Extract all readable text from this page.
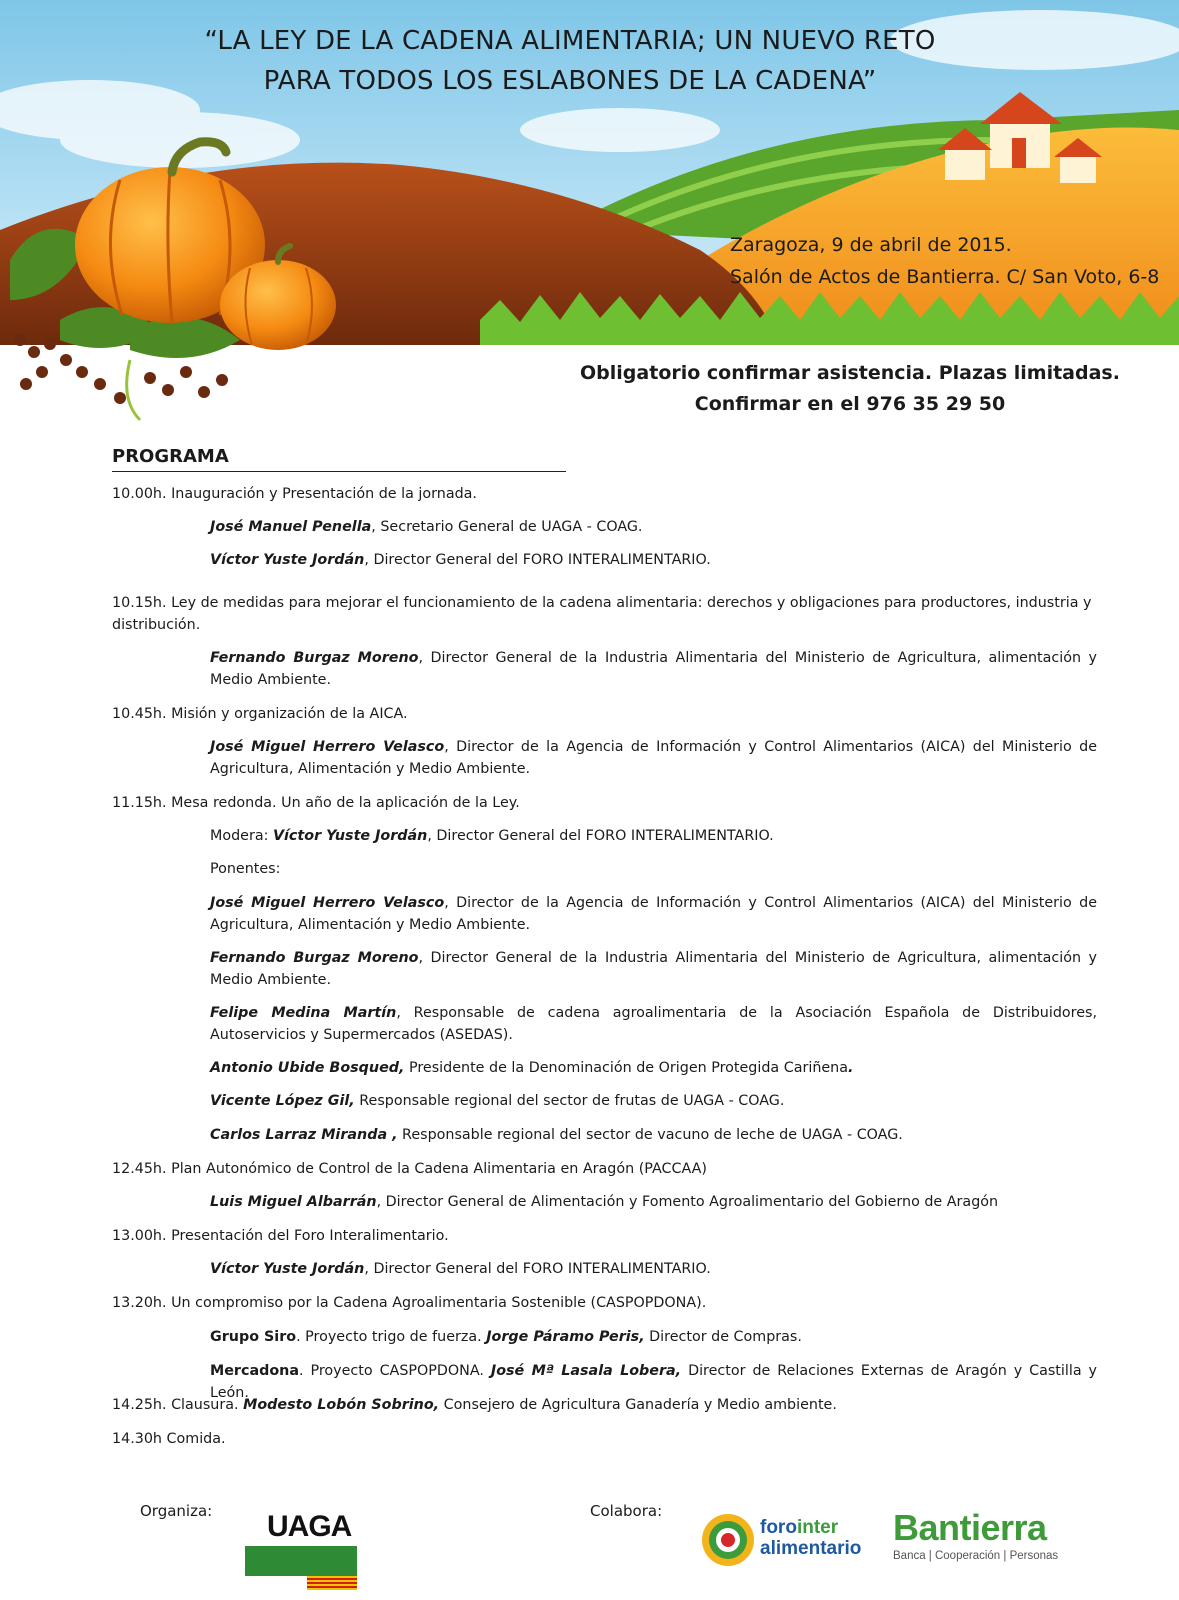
“LA LEY DE LA CADENA ALIMENTARIA; UN NUEVO RETO
PARA TODOS LOS ESLABONES DE LA CADENA”
Zaragoza, 9 de abril de 2015.
Salón de Actos de Bantierra. C/ San Voto, 6-8
Obligatorio confirmar asistencia. Plazas limitadas.
Confirmar en el 976 35 29 50
PROGRAMA

10.00h. Inauguración y Presentación de la jornada.

José Manuel Penella, Secretario General de UAGA - COAG.

Víctor Yuste Jordán, Director General del FORO INTERALIMENTARIO.

10.15h. Ley de medidas para mejorar el funcionamiento de la cadena alimentaria: derechos y obligaciones para productores, industria y distribución.

Fernando Burgaz Moreno, Director General de la Industria Alimentaria del Ministerio de Agricultura, alimentación y Medio Ambiente.

10.45h. Misión y organización de la AICA.

José Miguel Herrero Velasco, Director de la Agencia de Información y Control Alimentarios (AICA) del Ministerio de Agricultura, Alimentación y Medio Ambiente.

11.15h. Mesa redonda. Un año de la aplicación de la Ley.

Modera: Víctor Yuste Jordán, Director General del FORO INTERALIMENTARIO.

Ponentes:

José Miguel Herrero Velasco, Director de la Agencia de Información y Control Alimentarios (AICA) del Ministerio de Agricultura, Alimentación y Medio Ambiente.

Fernando Burgaz Moreno, Director General de la Industria Alimentaria del Ministerio de Agricultura, alimentación y Medio Ambiente.

Felipe Medina Martín, Responsable de cadena agroalimentaria de la Asociación Española de Distribuidores, Autoservicios y Supermercados (ASEDAS).

Antonio Ubide Bosqued, Presidente de la Denominación de Origen Protegida Cariñena.

Vicente López Gil, Responsable regional del sector de frutas de UAGA - COAG.

Carlos Larraz Miranda , Responsable regional del sector de vacuno de leche de UAGA - COAG.

12.45h. Plan Autonómico de Control de la Cadena Alimentaria en Aragón (PACCAA)

Luis Miguel Albarrán, Director General de Alimentación y Fomento Agroalimentario del Gobierno de Aragón

13.00h. Presentación del Foro Interalimentario.

Víctor Yuste Jordán, Director General del FORO INTERALIMENTARIO.

13.20h. Un compromiso por la Cadena Agroalimentaria Sostenible (CASPOPDONA).

Grupo Siro. Proyecto trigo de fuerza. Jorge Páramo Peris, Director de Compras.

Mercadona. Proyecto CASPOPDONA. José Mª Lasala Lobera, Director de Relaciones Externas de Aragón y Castilla y León.

14.25h. Clausura. Modesto Lobón Sobrino, Consejero de Agricultura Ganadería y Medio ambiente.

14.30h Comida.

Organiza:	Colabora:
UAGA	forointer
alimentario
Bantierra
Banca | Cooperación | Personas
